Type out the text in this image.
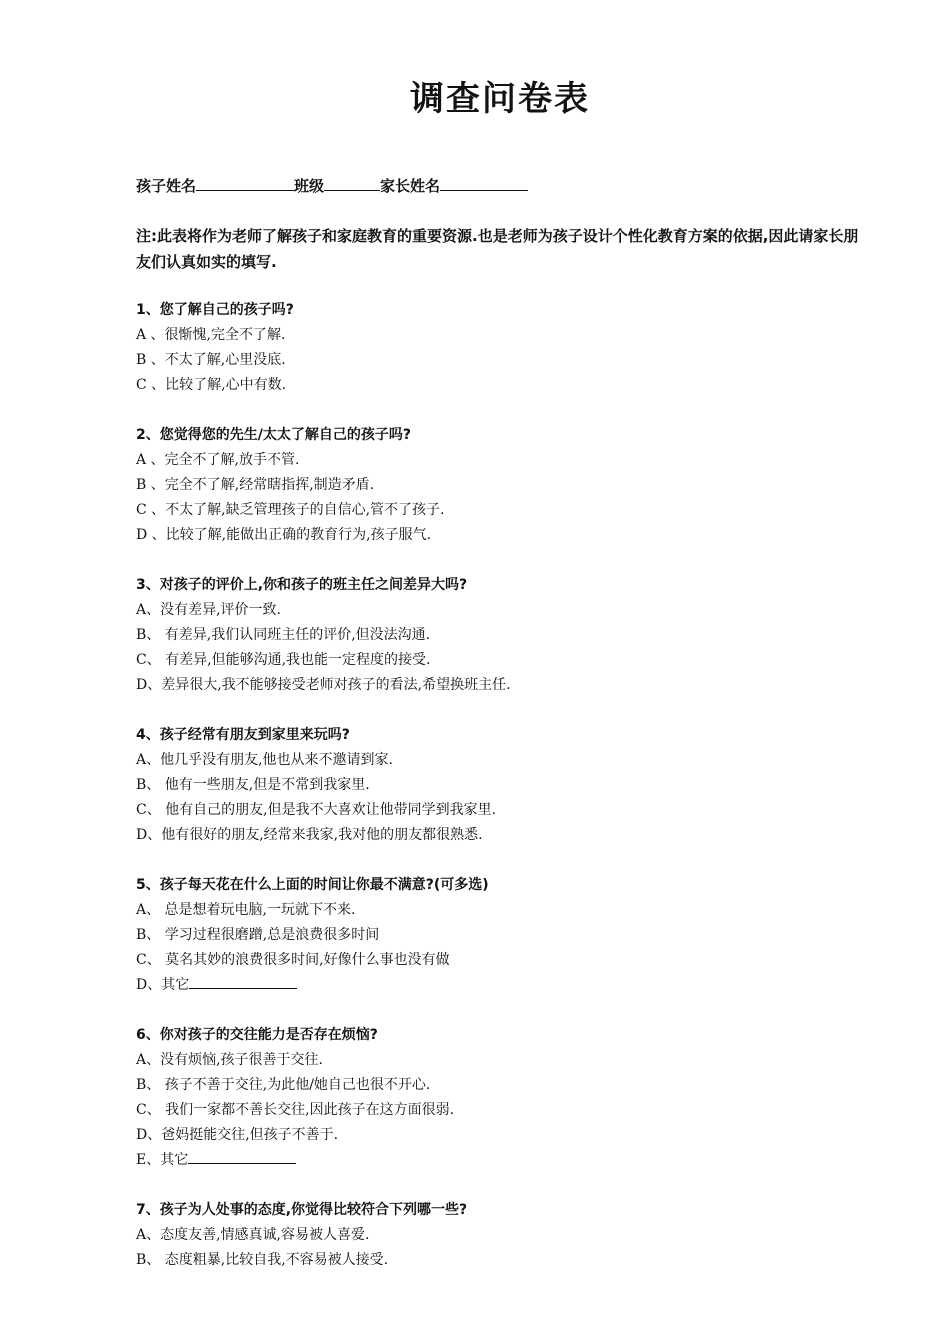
调查问卷表
孩子姓名	班级	家长姓名

注:此表将作为老师了解孩子和家庭教育的重要资源.也是老师为孩子设计个性化教育方案的依据,因此请家长朋友们认真如实的填写.

1、您了解自己的孩子吗?
A 、很惭愧,完全不了解.
B 、不太了解,心里没底.
C 、比较了解,心中有数.
2、您觉得您的先生/太太了解自己的孩子吗?
A 、完全不了解,放手不管.
B 、完全不了解,经常瞎指挥,制造矛盾.
C 、不太了解,缺乏管理孩子的自信心,管不了孩子.
D 、比较了解,能做出正确的教育行为,孩子服气.
3、对孩子的评价上,你和孩子的班主任之间差异大吗?
A、没有差异,评价一致.
B、 有差异,我们认同班主任的评价,但没法沟通.
C、 有差异,但能够沟通,我也能一定程度的接受.
D、差异很大,我不能够接受老师对孩子的看法,希望换班主任.
4、孩子经常有朋友到家里来玩吗?
A、他几乎没有朋友,他也从来不邀请到家.
B、 他有一些朋友,但是不常到我家里.
C、 他有自己的朋友,但是我不大喜欢让他带同学到我家里.
D、他有很好的朋友,经常来我家,我对他的朋友都很熟悉.
5、孩子每天花在什么上面的时间让你最不满意?(可多选)
A、 总是想着玩电脑,一玩就下不来.
B、 学习过程很磨蹭,总是浪费很多时间
C、 莫名其妙的浪费很多时间,好像什么事也没有做
D、其它
6、你对孩子的交往能力是否存在烦恼?
A、没有烦恼,孩子很善于交往.
B、 孩子不善于交往,为此他/她自己也很不开心.
C、 我们一家都不善长交往,因此孩子在这方面很弱.
D、爸妈挺能交往,但孩子不善于.
E、其它
7、孩子为人处事的态度,你觉得比较符合下列哪一些?
A、态度友善,情感真诚,容易被人喜爱.
B、 态度粗暴,比较自我,不容易被人接受.
